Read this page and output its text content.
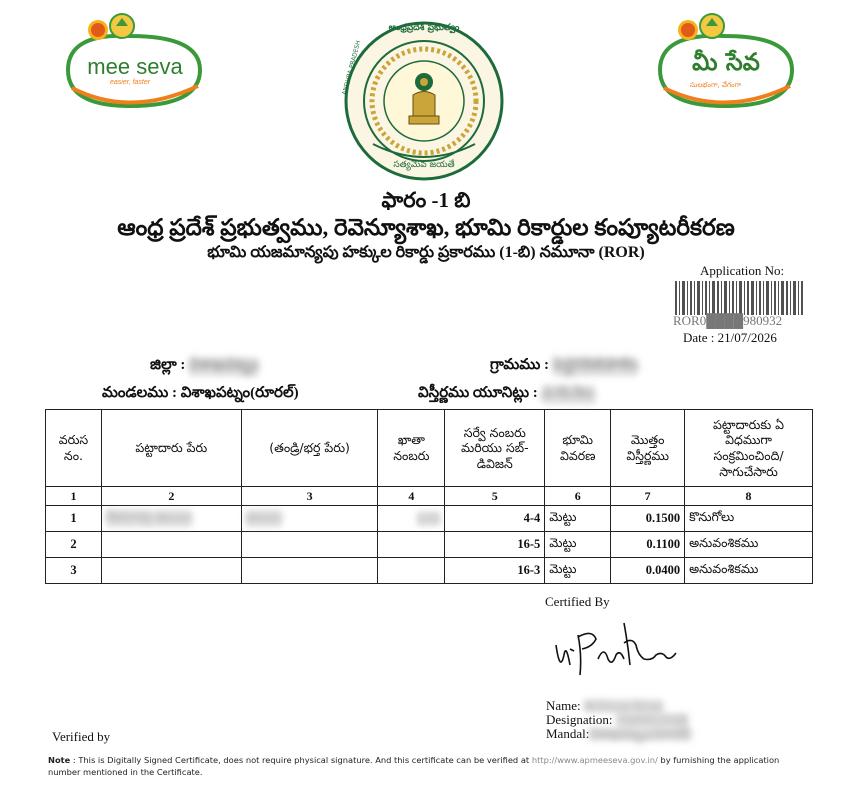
mee seva
easier, faster
ఆంధ్రప్రదేశ్ ప్రభుత్వం
ANDHRA PRADESH
సత్యమేవ జయతే
మీ సేవ
సులభంగా, వేగంగా
ఫారం -1 బి
ఆంధ్ర ప్రదేశ్ ప్రభుత్వము, రెవెన్యూశాఖ, భూమి రికార్డుల కంప్యూటరీకరణ
భూమి యజమాన్యపు హక్కుల రికార్డు ప్రకారము (1-బి) నమూనా (ROR)
Application No:
ROR0████980932
Date : 21/07/2026
జిల్లా : విశాఖపట్నం	గ్రామము : పెద్దగదిలిపాలెం
మండలము : విశాఖపట్నం(రూరల్)	విస్తీర్ణము యూనిట్లు : ఎ.గు.సెం.
వరుస నం.	పట్టాదారు పేరు	(తండ్రి/భర్త పేరు)	ఖాతా నంబరు	సర్వే నంబరు మరియు సబ్-డివిజన్	భూమి వివరణ	మొత్తం విస్తీర్ణము	పట్టాదారుకు ఏ విధముగా సంక్రమించింది/ సాగుచేసారు
1	2	3	4	5	6	7	8
1	కేశవరావు ఉలులు	అలులు	123	4-4	మెట్టు	0.1500	కొనుగోలు
2				16-5	మెట్టు	0.1100	అనువంశికము
3				16-3	మెట్టు	0.0400	అనువంశికము
Certified By
Name: M.Pavan Kiran
Designation: TAHSILDAR
Mandal:విశాఖపట్నం(రూరల్)
Verified by
Note : This is Digitally Signed Certificate, does not require physical signature. And this certificate can be verified at http://www.apmeeseva.gov.in/ by furnishing the application number mentioned in the Certificate.
